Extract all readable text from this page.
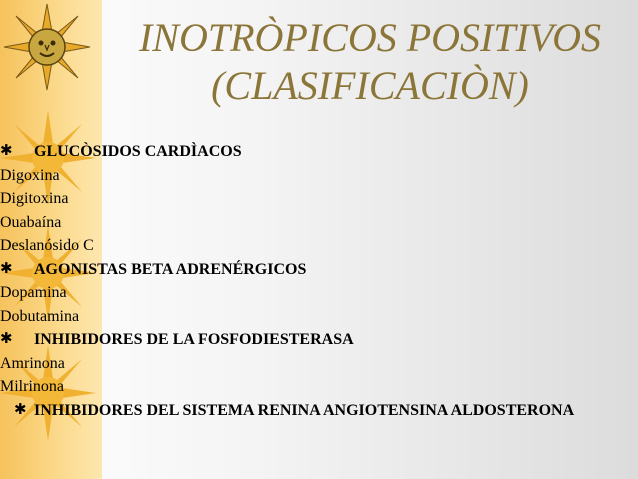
INOTRÒPICOS POSITIVOS
(CLASIFICACIÒN)
✱ GLUCÒSIDOS CARDÌACOS
Digoxina
Digitoxina
Ouabaína
Deslanósido C
✱ AGONISTAS BETA ADRENÉRGICOS
Dopamina
Dobutamina
✱ INHIBIDORES DE LA FOSFODIESTERASA
Amrinona
Milrinona
✱ INHIBIDORES DEL SISTEMA RENINA ANGIOTENSINA ALDOSTERONA
